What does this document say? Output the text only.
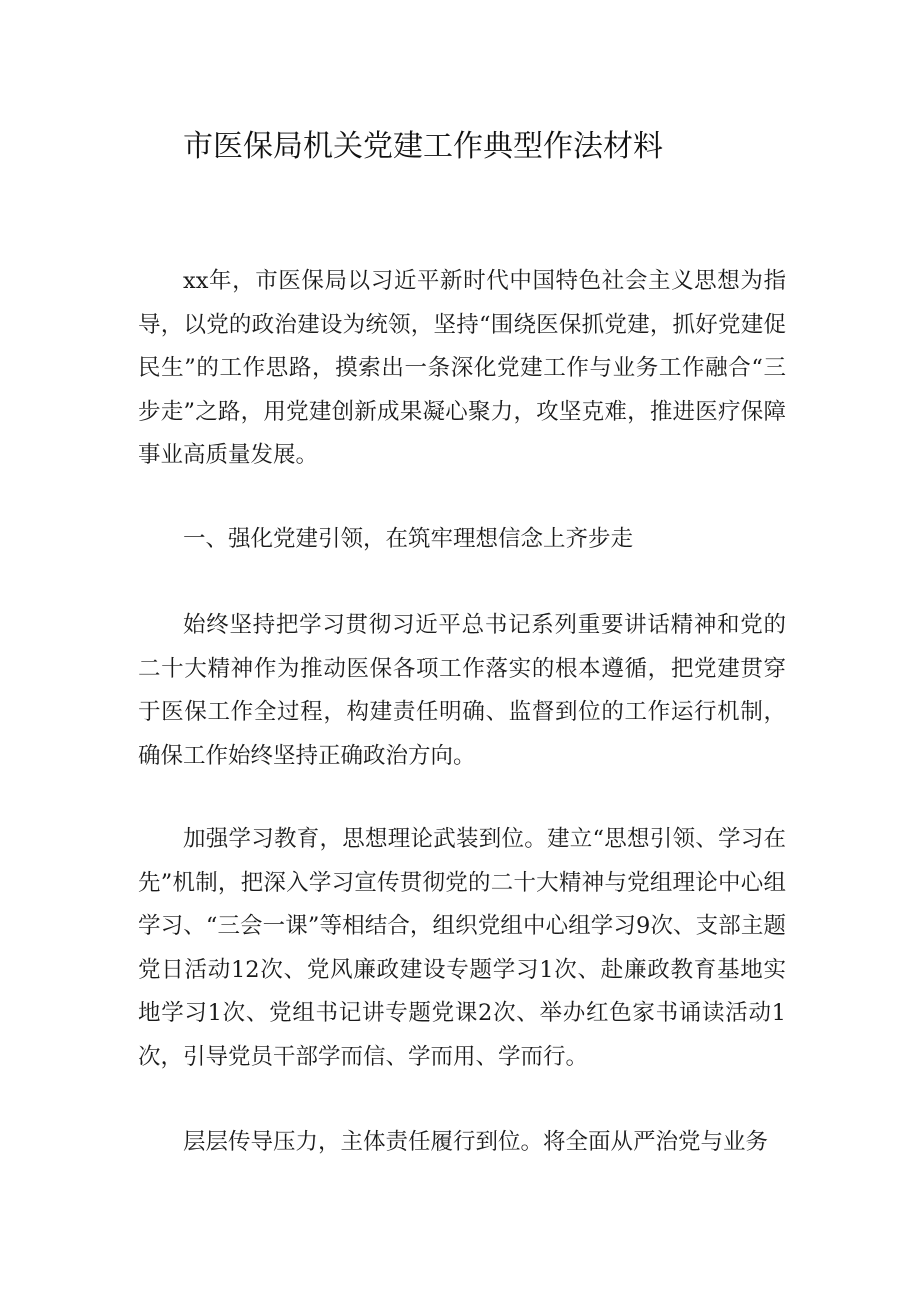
市医保局机关党建工作典型作法材料

xx年，市医保局以习近平新时代中国特色社会主义思想为指导，以党的政治建设为统领，坚持“围绕医保抓党建，抓好党建促民生”的工作思路，摸索出一条深化党建工作与业务工作融合“三步走”之路，用党建创新成果凝心聚力，攻坚克难，推进医疗保障事业高质量发展。

一、强化党建引领，在筑牢理想信念上齐步走

始终坚持把学习贯彻习近平总书记系列重要讲话精神和党的二十大精神作为推动医保各项工作落实的根本遵循，把党建贯穿于医保工作全过程，构建责任明确、监督到位的工作运行机制，确保工作始终坚持正确政治方向。

加强学习教育，思想理论武装到位。建立“思想引领、学习在先”机制，把深入学习宣传贯彻党的二十大精神与党组理论中心组学习、“三会一课”等相结合，组织党组中心组学习9次、支部主题党日活动12次、党风廉政建设专题学习1次、赴廉政教育基地实地学习1次、党组书记讲专题党课2次、举办红色家书诵读活动1次，引导党员干部学而信、学而用、学而行。

层层传导压力，主体责任履行到位。将全面从严治党与业务
